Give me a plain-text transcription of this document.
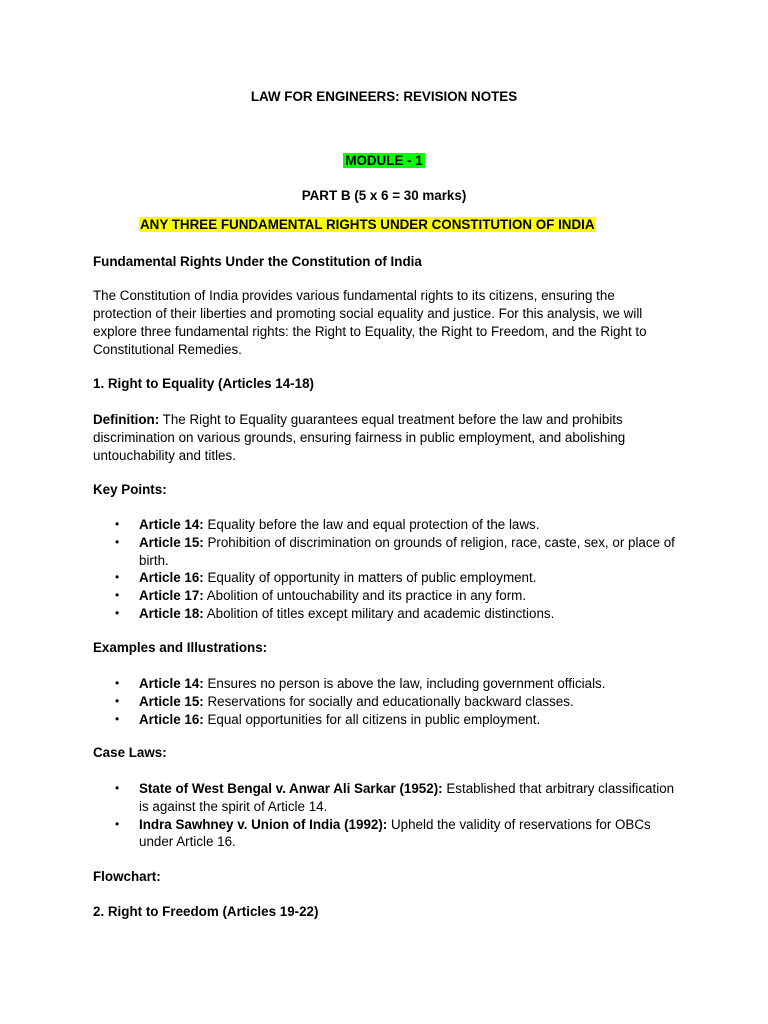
LAW FOR ENGINEERS: REVISION NOTES
MODULE - 1
PART B (5 x 6 = 30 marks)
ANY THREE FUNDAMENTAL RIGHTS UNDER CONSTITUTION OF INDIA
Fundamental Rights Under the Constitution of India
The Constitution of India provides various fundamental rights to its citizens, ensuring the protection of their liberties and promoting social equality and justice. For this analysis, we will explore three fundamental rights: the Right to Equality, the Right to Freedom, and the Right to Constitutional Remedies.
1. Right to Equality (Articles 14-18)
Definition: The Right to Equality guarantees equal treatment before the law and prohibits discrimination on various grounds, ensuring fairness in public employment, and abolishing untouchability and titles.
Key Points:
• Article 14: Equality before the law and equal protection of the laws.
• Article 15: Prohibition of discrimination on grounds of religion, race, caste, sex, or place of birth.
• Article 16: Equality of opportunity in matters of public employment.
• Article 17: Abolition of untouchability and its practice in any form.
• Article 18: Abolition of titles except military and academic distinctions.
Examples and Illustrations:
• Article 14: Ensures no person is above the law, including government officials.
• Article 15: Reservations for socially and educationally backward classes.
• Article 16: Equal opportunities for all citizens in public employment.
Case Laws:
• State of West Bengal v. Anwar Ali Sarkar (1952): Established that arbitrary classification is against the spirit of Article 14.
• Indra Sawhney v. Union of India (1992): Upheld the validity of reservations for OBCs under Article 16.
Flowchart:
2. Right to Freedom (Articles 19-22)
